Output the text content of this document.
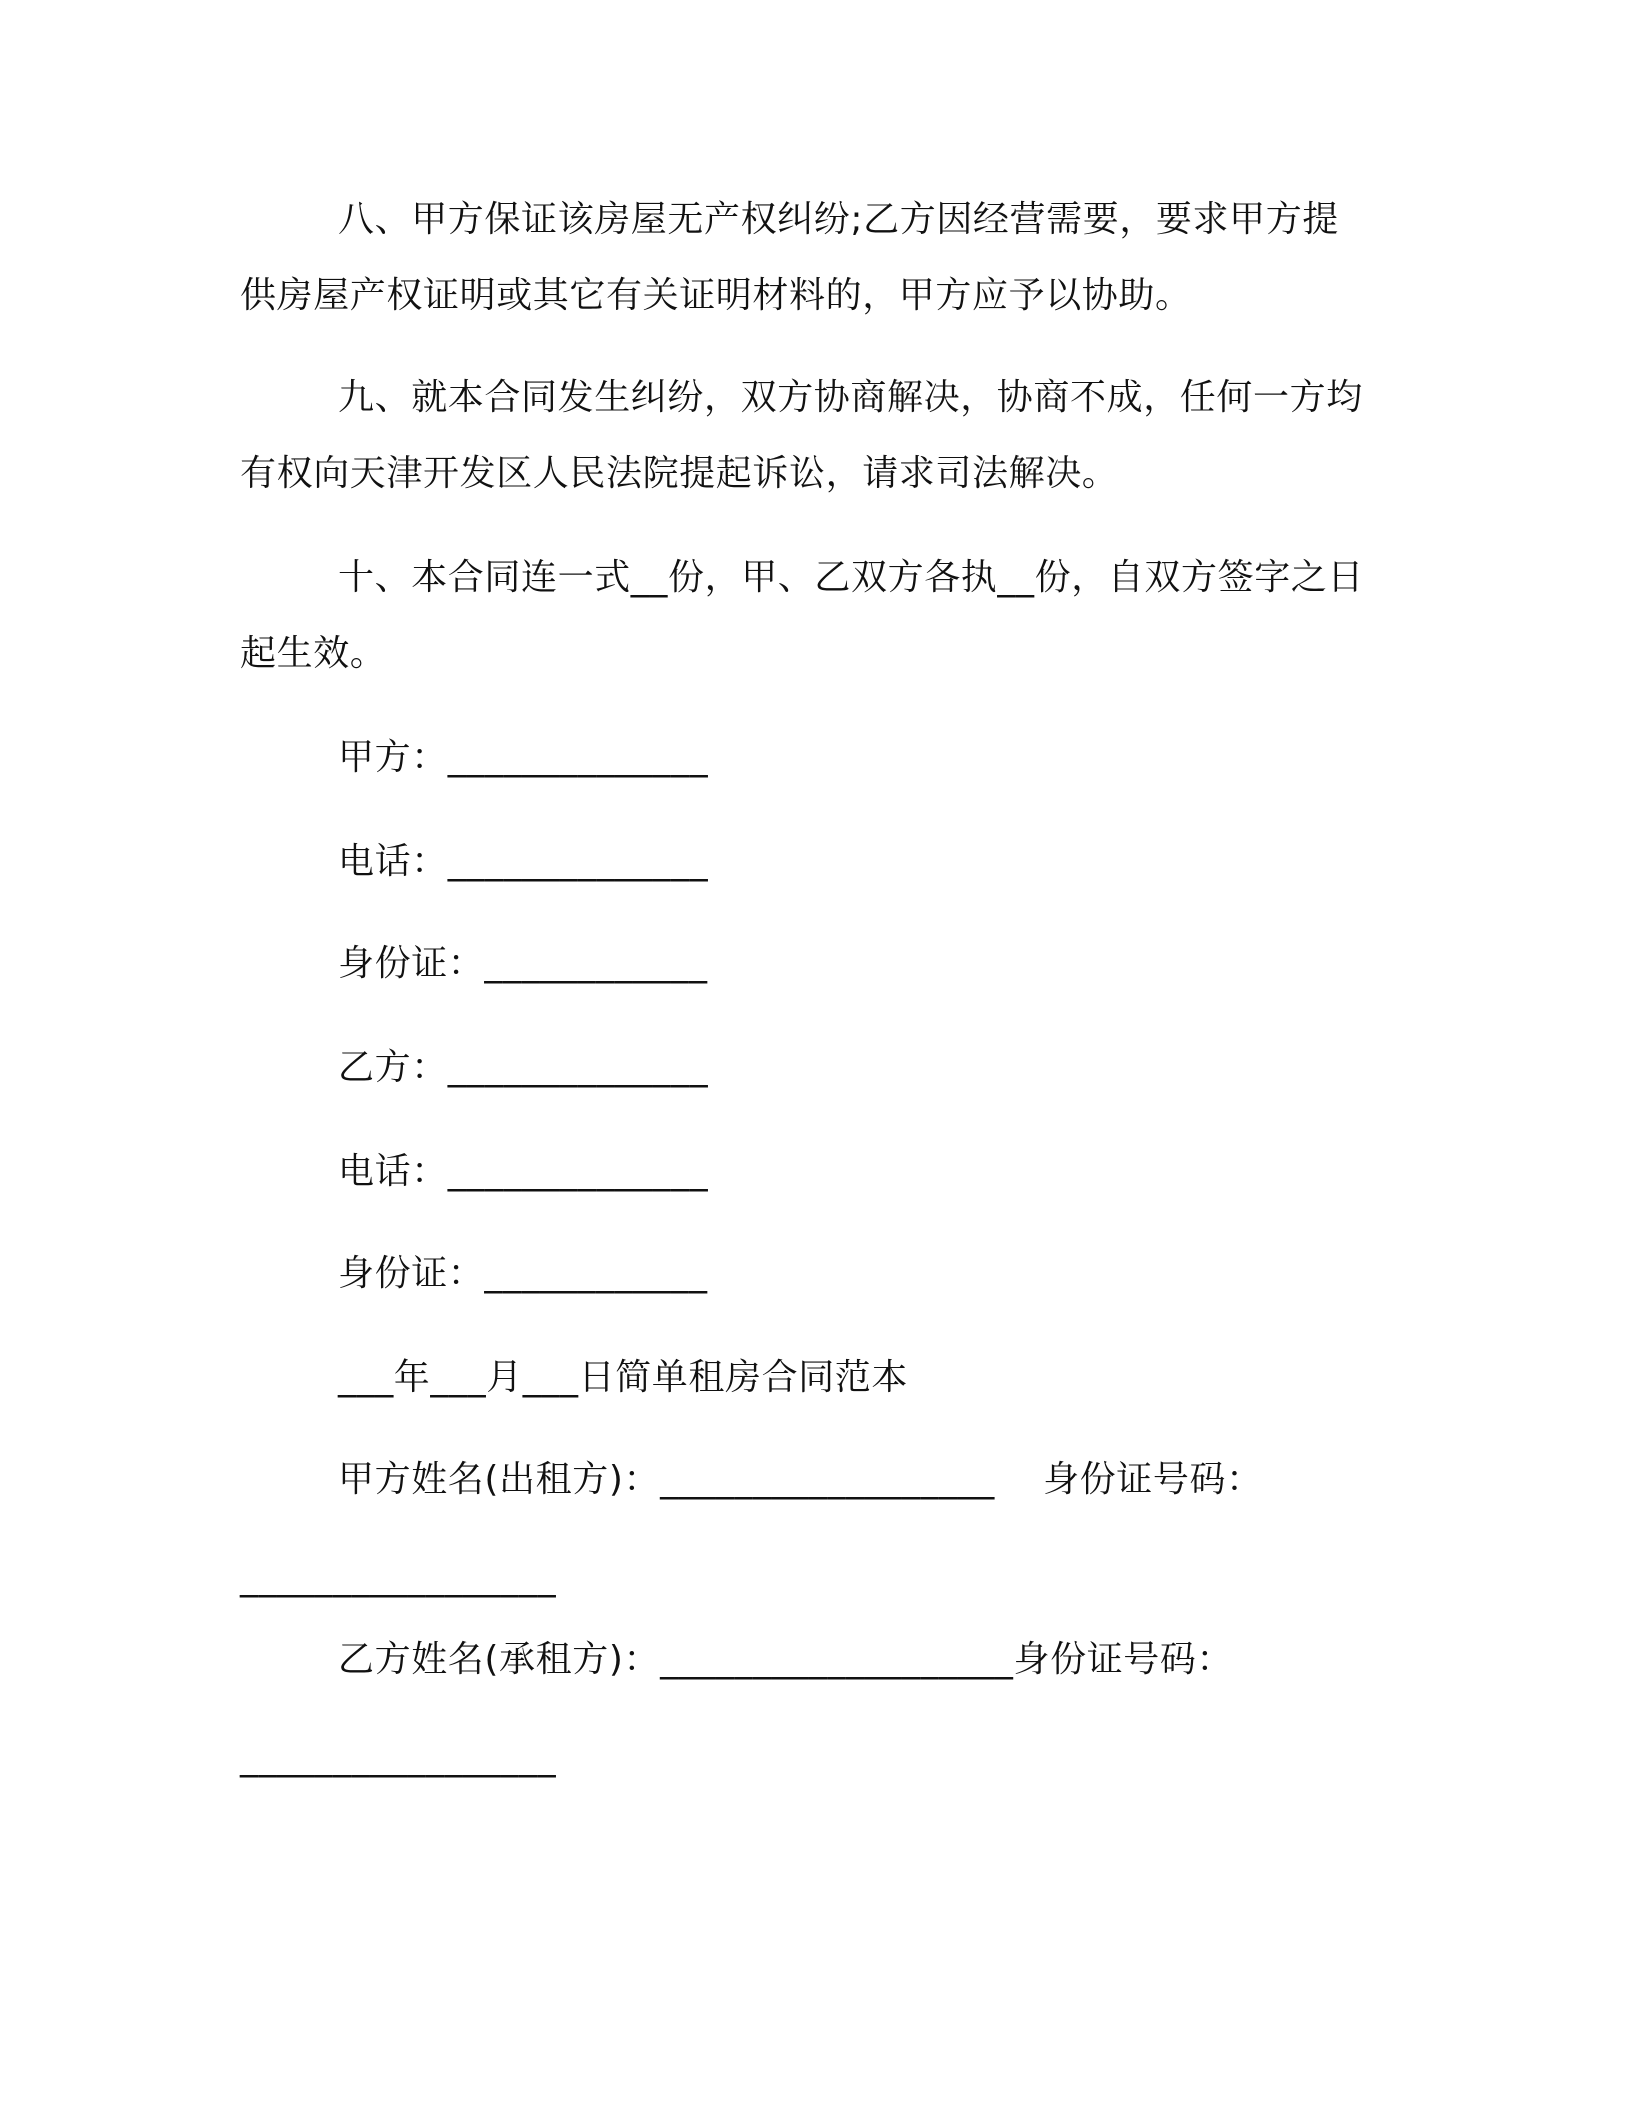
八、甲方保证该房屋无产权纠纷;乙方因经营需要，要求甲方提
供房屋产权证明或其它有关证明材料的，甲方应予以协助。
九、就本合同发生纠纷，双方协商解决，协商不成，任何一方均
有权向天津开发区人民法院提起诉讼，请求司法解决。
十、本合同连一式__份，甲、乙双方各执__份，自双方签字之日
起生效。
甲方：______________
电话：______________
身份证：____________
乙方：______________
电话：______________
身份证：____________
___年___月___日简单租房合同范本
甲方姓名(出租方)：__________________    身份证号码：
_________________
乙方姓名(承租方)：___________________身份证号码：
_________________
